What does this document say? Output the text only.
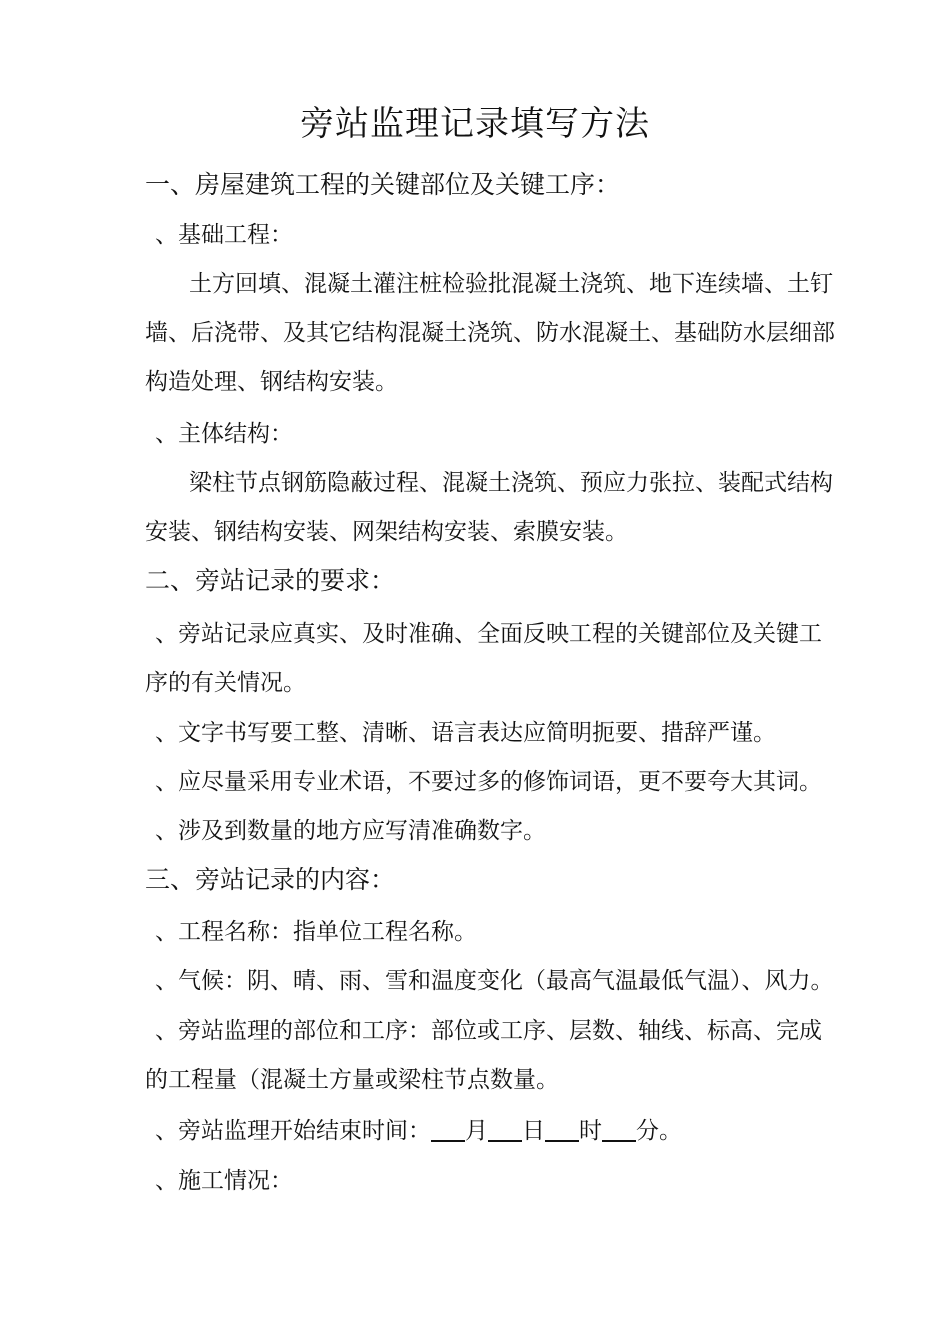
旁站监理记录填写方法
一、房屋建筑工程的关键部位及关键工序：
、基础工程：
土方回填、混凝土灌注桩检验批混凝土浇筑、地下连续墙、土钉
墙、后浇带、及其它结构混凝土浇筑、防水混凝土、基础防水层细部
构造处理、钢结构安装。
、主体结构：
梁柱节点钢筋隐蔽过程、混凝土浇筑、预应力张拉、装配式结构
安装、钢结构安装、网架结构安装、索膜安装。
二、旁站记录的要求：
、旁站记录应真实、及时准确、全面反映工程的关键部位及关键工
序的有关情况。
、文字书写要工整、清晰、语言表达应简明扼要、措辞严谨。
、应尽量采用专业术语，不要过多的修饰词语，更不要夸大其词。
、涉及到数量的地方应写清准确数字。
三、旁站记录的内容：
、工程名称：指单位工程名称。
、气候：阴、晴、雨、雪和温度变化（最高气温最低气温）、风力。
、旁站监理的部位和工序：部位或工序、层数、轴线、标高、完成
的工程量（混凝土方量或梁柱节点数量。
、旁站监理开始结束时间： 月 日 时 分。
、施工情况：
